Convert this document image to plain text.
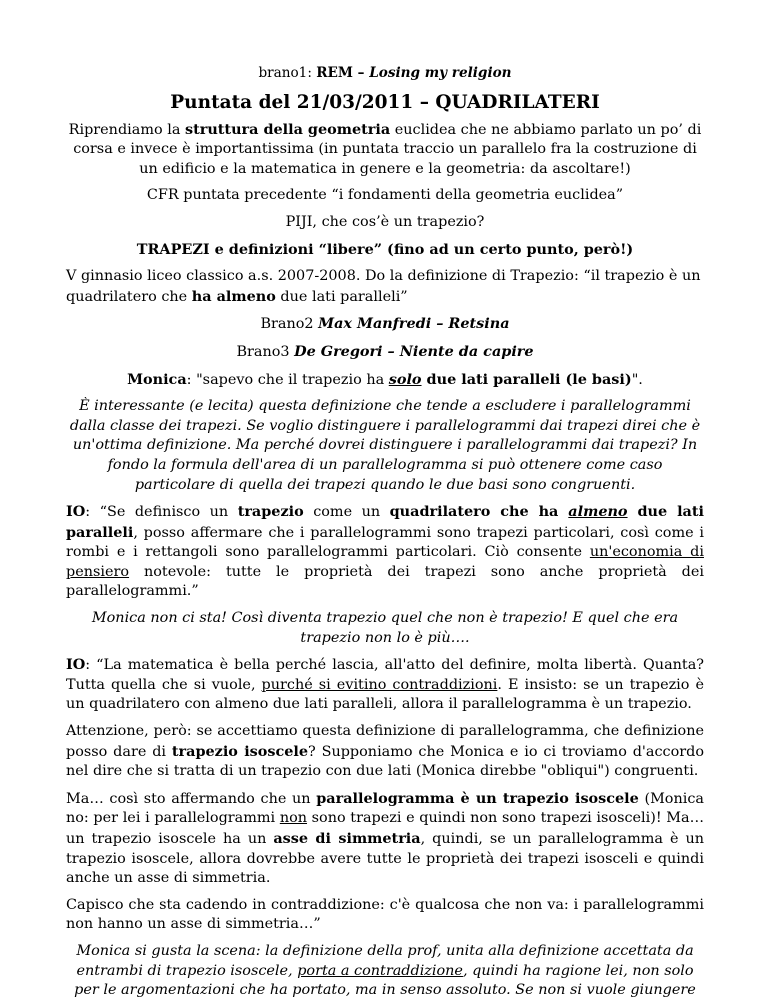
brano1: REM – Losing my religion

Puntata del 21/03/2011 – QUADRILATERI

Riprendiamo la struttura della geometria euclidea che ne abbiamo parlato un po’ di corsa e invece è importantissima (in puntata traccio un parallelo fra la costruzione di un edificio e la matematica in genere e la geometria: da ascoltare!)

CFR puntata precedente “i fondamenti della geometria euclidea”

PIJI, che cos’è un trapezio?

TRAPEZI e definizioni “libere” (fino ad un certo punto, però!)

V ginnasio liceo classico a.s. 2007-2008. Do la definizione di Trapezio: “il trapezio è un quadrilatero che ha almeno due lati paralleli”

Brano2 Max Manfredi – Retsina

Brano3 De Gregori – Niente da capire

Monica: "sapevo che il trapezio ha solo due lati paralleli (le basi)".

È interessante (e lecita) questa definizione che tende a escludere i parallelogrammi dalla classe dei trapezi. Se voglio distinguere i parallelogrammi dai trapezi direi che è un'ottima definizione. Ma perché dovrei distinguere i parallelogrammi dai trapezi? In fondo la formula dell'area di un parallelogramma si può ottenere come caso particolare di quella dei trapezi quando le due basi sono congruenti.

IO: “Se definisco un trapezio come un quadrilatero che ha almeno due lati paralleli, posso affermare che i parallelogrammi sono trapezi particolari, così come i rombi e i rettangoli sono parallelogrammi particolari. Ciò consente un'economia di pensiero notevole: tutte le proprietà dei trapezi sono anche proprietà dei parallelogrammi.”

Monica non ci sta! Così diventa trapezio quel che non è trapezio! E quel che era trapezio non lo è più….

IO: “La matematica è bella perché lascia, all'atto del definire, molta libertà. Quanta? Tutta quella che si vuole, purché si evitino contraddizioni. E insisto: se un trapezio è un quadrilatero con almeno due lati paralleli, allora il parallelogramma è un trapezio.

Attenzione, però: se accettiamo questa definizione di parallelogramma, che definizione posso dare di trapezio isoscele? Supponiamo che Monica e io ci troviamo d'accordo nel dire che si tratta di un trapezio con due lati (Monica direbbe "obliqui") congruenti.

Ma… così sto affermando che un parallelogramma è un trapezio isoscele (Monica no: per lei i parallelogrammi non sono trapezi e quindi non sono trapezi isosceli)! Ma… un trapezio isoscele ha un asse di simmetria, quindi, se un parallelogramma è un trapezio isoscele, allora dovrebbe avere tutte le proprietà dei trapezi isosceli e quindi anche un asse di simmetria.

Capisco che sta cadendo in contraddizione: c'è qualcosa che non va: i parallelogrammi non hanno un asse di simmetria…”

Monica si gusta la scena: la definizione della prof, unita alla definizione accettata da entrambi di trapezio isoscele, porta a contraddizione, quindi ha ragione lei, non solo per le argomentazioni che ha portato, ma in senso assoluto. Se non si vuole giungere
